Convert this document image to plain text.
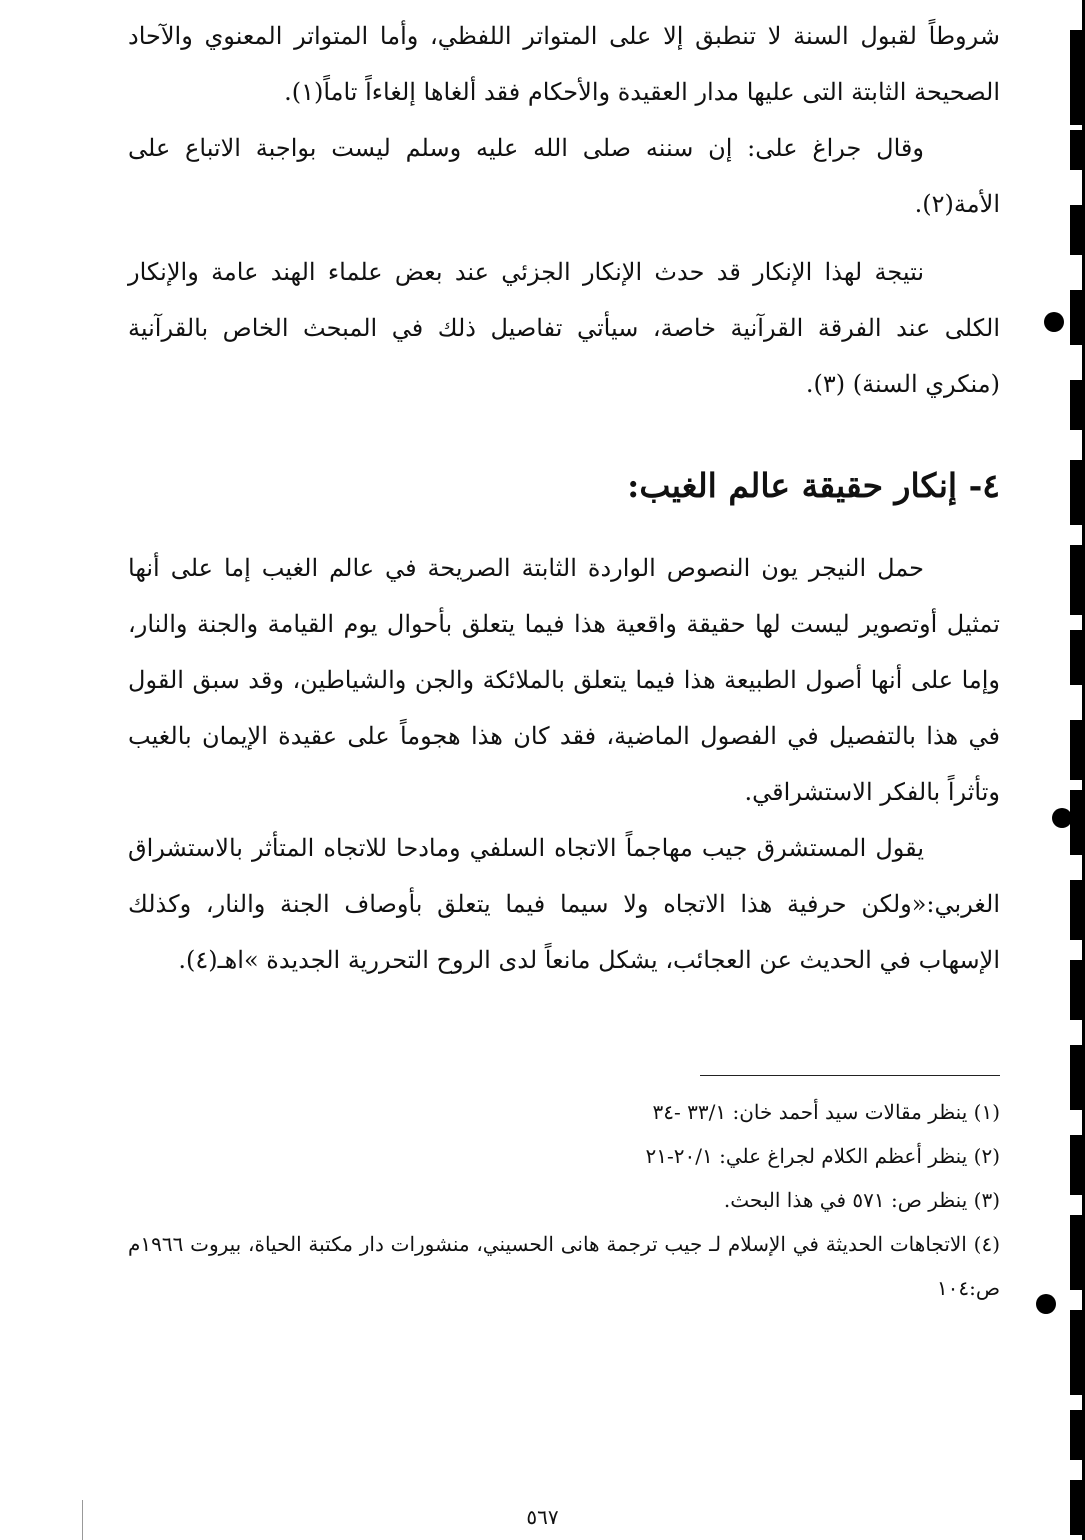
شروطاً لقبول السنة لا تنطبق إلا على المتواتر اللفظي، وأما المتواتر المعنوي والآحاد الصحيحة الثابتة التى عليها مدار العقيدة والأحكام فقد ألغاها إلغاءاً تاماً(١).

وقال جراغ على: إن سننه صلى الله عليه وسلم ليست بواجبة الاتباع على الأمة(٢).

نتيجة لهذا الإنكار قد حدث الإنكار الجزئي عند بعض علماء الهند عامة والإنكار الكلى عند الفرقة القرآنية خاصة، سيأتي تفاصيل ذلك في المبحث الخاص بالقرآنية (منكري السنة) (٣).

٤- إنكار حقيقة عالم الغيب:

حمل النيجر يون النصوص الواردة الثابتة الصريحة في عالم الغيب إما على أنها تمثيل أوتصوير ليست لها حقيقة واقعية هذا فيما يتعلق بأحوال يوم القيامة والجنة والنار، وإما على أنها أصول الطبيعة هذا فيما يتعلق بالملائكة والجن والشياطين، وقد سبق القول في هذا بالتفصيل في الفصول الماضية، فقد كان هذا هجوماً على عقيدة الإيمان بالغيب وتأثراً بالفكر الاستشراقي.

يقول المستشرق جيب مهاجماً الاتجاه السلفي ومادحا للاتجاه المتأثر بالاستشراق الغربي:«ولكن حرفية هذا الاتجاه ولا سيما فيما يتعلق بأوصاف الجنة والنار، وكذلك الإسهاب في الحديث عن العجائب، يشكل مانعاً لدى الروح التحررية الجديدة »اهـ(٤).

(١) ينظر مقالات سيد أحمد خان: ٣٣/١ -٣٤

(٢) ينظر أعظم الكلام لجراغ علي: ٢٠/١-٢١

(٣) ينظر ص: ٥٧١ في هذا البحث.

(٤) الاتجاهات الحديثة في الإسلام لـ جيب ترجمة هانى الحسيني، منشورات دار مكتبة الحياة، بيروت ١٩٦٦م ص:١٠٤

٥٦٧
